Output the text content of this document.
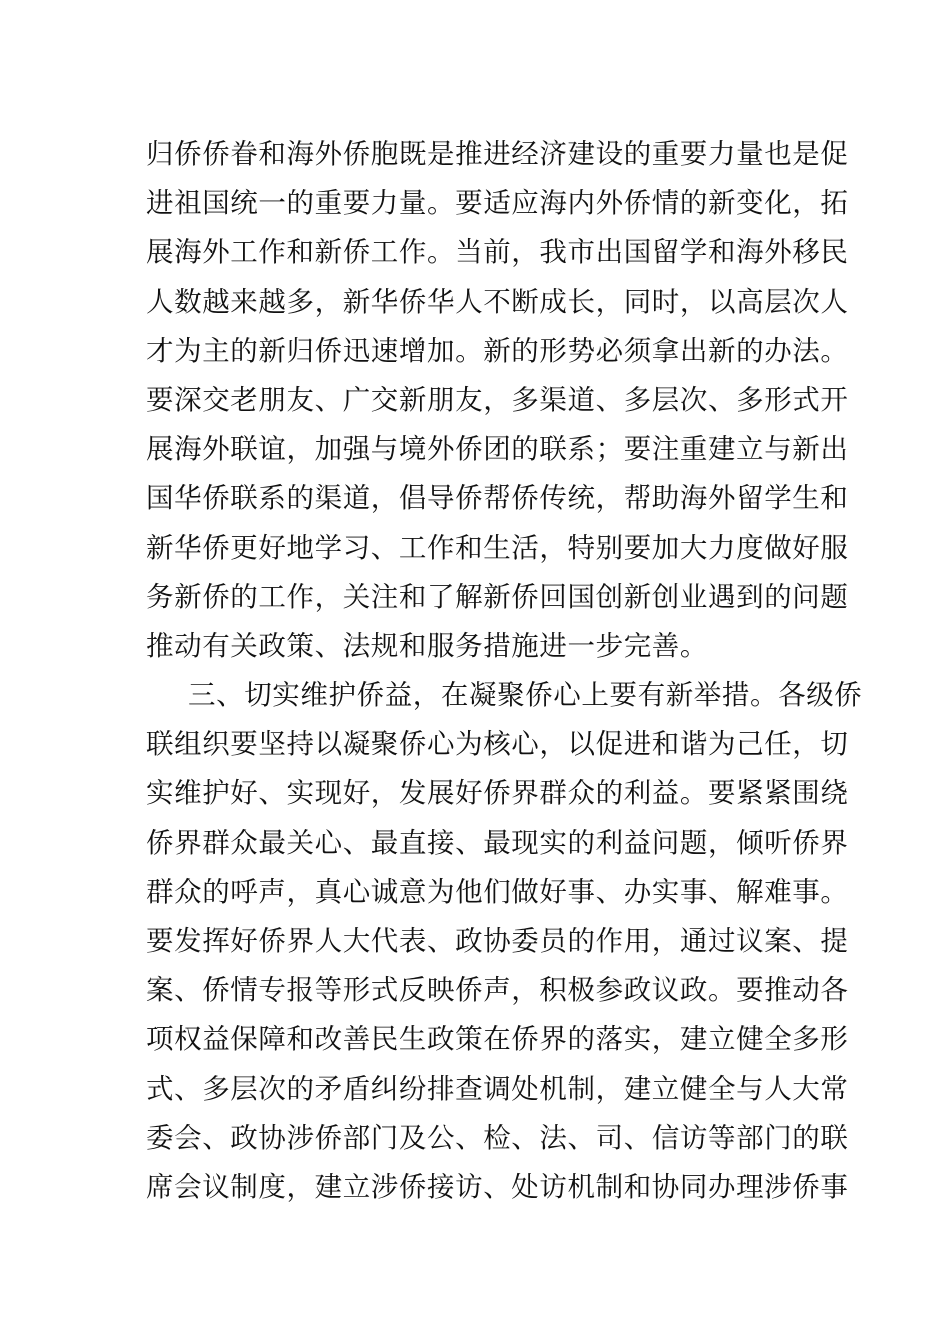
归侨侨眷和海外侨胞既是推进经济建设的重要力量也是促
进祖国统一的重要力量。要适应海内外侨情的新变化，拓
展海外工作和新侨工作。当前，我市出国留学和海外移民
人数越来越多，新华侨华人不断成长，同时，以高层次人
才为主的新归侨迅速增加。新的形势必须拿出新的办法。
要深交老朋友、广交新朋友，多渠道、多层次、多形式开
展海外联谊，加强与境外侨团的联系；要注重建立与新出
国华侨联系的渠道，倡导侨帮侨传统，帮助海外留学生和
新华侨更好地学习、工作和生活，特别要加大力度做好服
务新侨的工作，关注和了解新侨回国创新创业遇到的问题
推动有关政策、法规和服务措施进一步完善。
三、切实维护侨益，在凝聚侨心上要有新举措。各级侨
联组织要坚持以凝聚侨心为核心，以促进和谐为己任，切
实维护好、实现好，发展好侨界群众的利益。要紧紧围绕
侨界群众最关心、最直接、最现实的利益问题，倾听侨界
群众的呼声，真心诚意为他们做好事、办实事、解难事。
要发挥好侨界人大代表、政协委员的作用，通过议案、提
案、侨情专报等形式反映侨声，积极参政议政。要推动各
项权益保障和改善民生政策在侨界的落实，建立健全多形
式、多层次的矛盾纠纷排查调处机制，建立健全与人大常
委会、政协涉侨部门及公、检、法、司、信访等部门的联
席会议制度，建立涉侨接访、处访机制和协同办理涉侨事
